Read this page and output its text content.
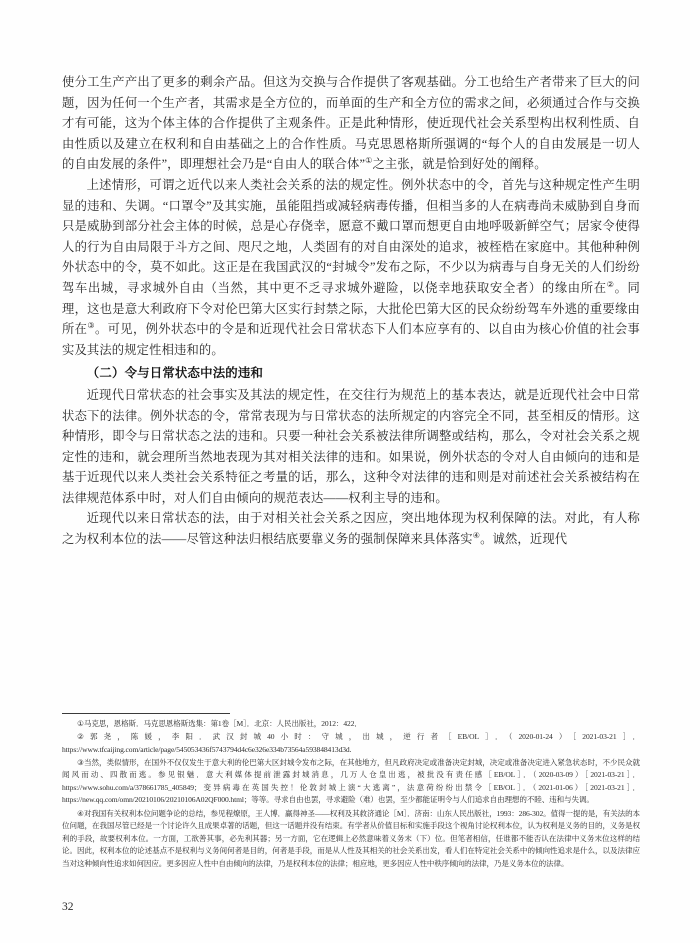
使分工生产产出了更多的剩余产品。但这为交换与合作提供了客观基础。分工也给生产者带来了巨大的问题，因为任何一个生产者，其需求是全方位的，而单面的生产和全方位的需求之间，必须通过合作与交换才有可能，这为个体主体的合作提供了主观条件。正是此种情形，使近现代社会关系型构出权利性质、自由性质以及建立在权利和自由基础之上的合作性质。马克思恩格斯所强调的“每个人的自由发展是一切人的自由发展的条件”，即理想社会乃是“自由人的联合体”①之主张，就是恰到好处的阐释。

上述情形，可谓之近代以来人类社会关系的法的规定性。例外状态中的令，首先与这种规定性产生明显的违和、失调。“口罩令”及其实施，虽能阻挡或减轻病毒传播，但相当多的人在病毒尚未威胁到自身而只是威胁到部分社会主体的时候，总是心存侥幸，愿意不戴口罩而想更自由地呼吸新鲜空气；居家令使得人的行为自由局限于斗方之间、咫尺之地，人类固有的对自由深处的追求，被桎梏在家庭中。其他种种例外状态中的令，莫不如此。这正是在我国武汉的“封城令”发布之际，不少以为病毒与自身无关的人们纷纷驾车出城，寻求城外自由（当然，其中更不乏寻求城外避险，以侥幸地获取安全者）的缘由所在②。同理，这也是意大利政府下令对伦巴第大区实行封禁之际，大批伦巴第大区的民众纷纷驾车外逃的重要缘由所在③。可见，例外状态中的令是和近现代社会日常状态下人们本应享有的、以自由为核心价值的社会事实及其法的规定性相违和的。

（二）令与日常状态中法的违和

近现代日常状态的社会事实及其法的规定性，在交往行为规范上的基本表达，就是近现代社会中日常状态下的法律。例外状态的令，常常表现为与日常状态的法所规定的内容完全不同，甚至相反的情形。这种情形，即令与日常状态之法的违和。只要一种社会关系被法律所调整或结构，那么，令对社会关系之规定性的违和，就会理所当然地表现为其对相关法律的违和。如果说，例外状态的令对人自由倾向的违和是基于近现代以来人类社会关系特征之考量的话，那么，这种令对法律的违和则是对前述社会关系被结构在法律规范体系中时，对人们自由倾向的规范表达——权利主导的违和。

近现代以来日常状态的法，由于对相关社会关系之因应，突出地体现为权利保障的法。对此，有人称之为权利本位的法——尽管这种法归根结底要靠义务的强制保障来具体落实④。诚然，近现代

①马克思，恩格斯．马克思恩格斯选集：第1卷［M］．北京：人民出版社，2012：422．

②郭尧，陈媛，李阳．武汉封城40小时：守城，出城，逆行者［EB/OL］．（2020-01-24）［2021-03-21］．https://www.tfcaijing.com/article/page/545053436f5743794d4c6e326e334b73564a593848413d3d.

③当然，类似情形，在国外不仅仅发生于意大利的伦巴第大区封城令发布之际，在其他地方，但凡政府决定或准备决定封城，决定或准备决定进入紧急状态时，不少民众就闻风而动、四散而逃。参见银魅．意大利媒体提前泄露封城消息，几万人仓皇出逃，被批没有责任感［EB/OL］．（2020-03-09）［2021-03-21］．https://www.sohu.com/a/378661785_405849；变异病毒在英国失控！伦敦封城上演“大逃离”，法意荷纷纷出禁令［EB/OL］．（2021-01-06）［2021-03-21］．https://new.qq.com/omn/20210106/20210106A02QF000.html；等等。寻求自由也罢，寻求避险（难）也罢，至少都能证明令与人们追求自由理想的不睦、违和与失调。

④对我国有关权利本位问题争论的总结，参见程燎原，王人博．赢得神圣——权利及其救济通论［M］．济南：山东人民出版社，1993：286-302。值得一提的是，有关法的本位问题，在我国尽管已经是一个讨论许久且成果卓著的话题，但这一话题并没有结束。有学者从价值目标和实施手段这个视角讨论权利本位，认为权利是义务的目的，义务是权利的手段，故要权利本位。一方面，工欲善其事，必先利其器；另一方面，它在逻辑上必然意味着义务末（下）位。但笔者相信，任谁都不能否认在法律中义务末位这样的结论。因此，权利本位的论述基点不是权利与义务间何者是目的，何者是手段，而是从人性及其相关的社会关系出发，看人们在特定社会关系中的倾向性追求是什么，以及法律应当对这种倾向性追求如何因应。更多因应人性中自由倾向的法律，乃是权利本位的法律；相应地，更多因应人性中秩序倾向的法律，乃是义务本位的法律。

32
